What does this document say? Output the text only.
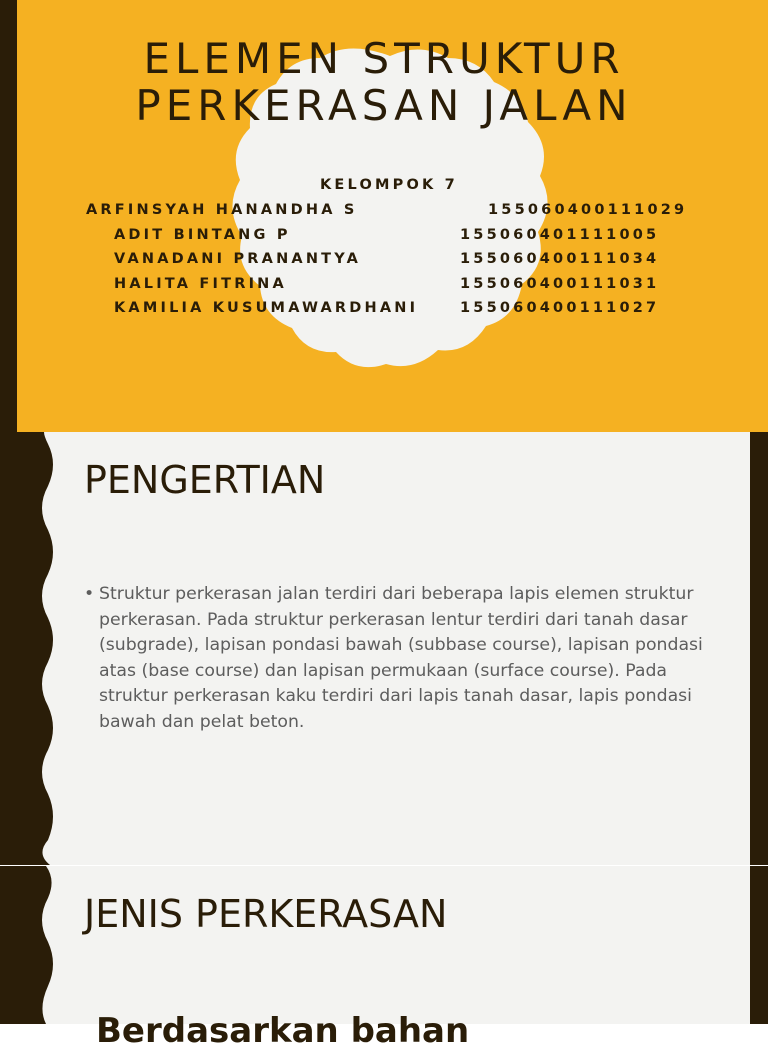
ELEMEN STRUKTUR
PERKERASAN JALAN
KELOMPOK 7
ARFINSYAH HANANDHA S	155060400111029
ADIT BINTANG P	155060401111005
VANADANI PRANANTYA	155060400111034
HALITA FITRINA	155060400111031
KAMILIA KUSUMAWARDHANI	155060400111027
PENGERTIAN
• Struktur perkerasan jalan terdiri dari beberapa lapis elemen struktur perkerasan. Pada struktur perkerasan lentur terdiri dari tanah dasar (subgrade), lapisan pondasi bawah (subbase course), lapisan pondasi atas (base course) dan lapisan permukaan (surface course). Pada struktur perkerasan kaku terdiri dari lapis tanah dasar, lapis pondasi bawah dan pelat beton.
JENIS PERKERASAN
Berdasarkan bahan
